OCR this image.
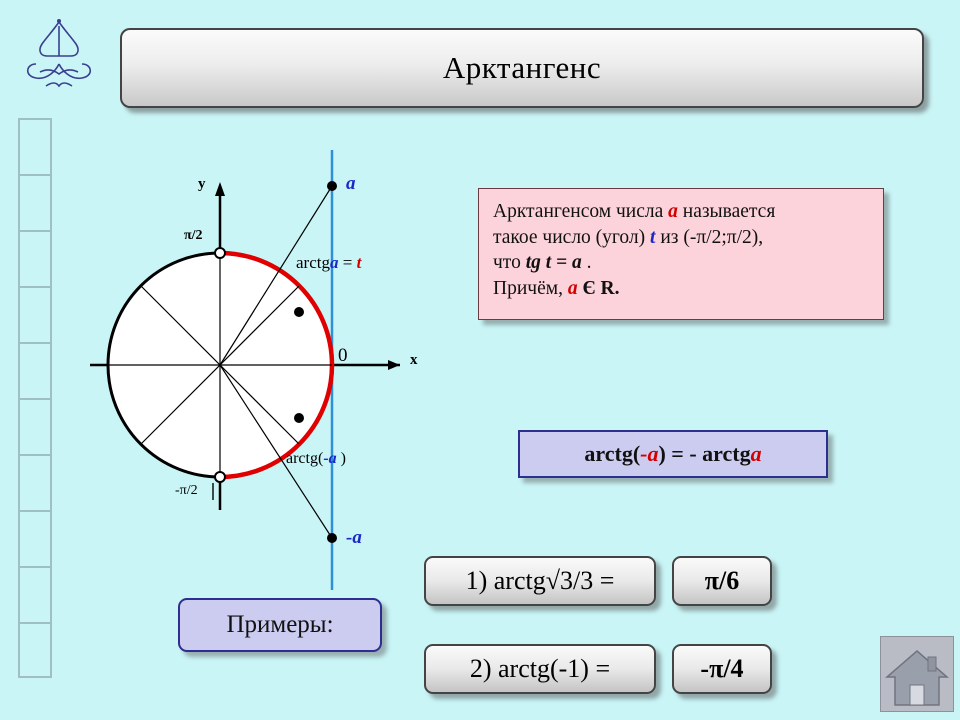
Арктангенс
Арктангенсом числа a называется
такое число (угол) t из (-π/2;π/2),
что tg t = a .
Причём, a Є R.
arctg( -a ) = - arctg a
Примеры:
1) arctg√3/3 =	π/6
2) arctg(-1) =	-π/4
x
y
0
π/2
-π/2
a
-a
arctga = t
arctg(-a )
